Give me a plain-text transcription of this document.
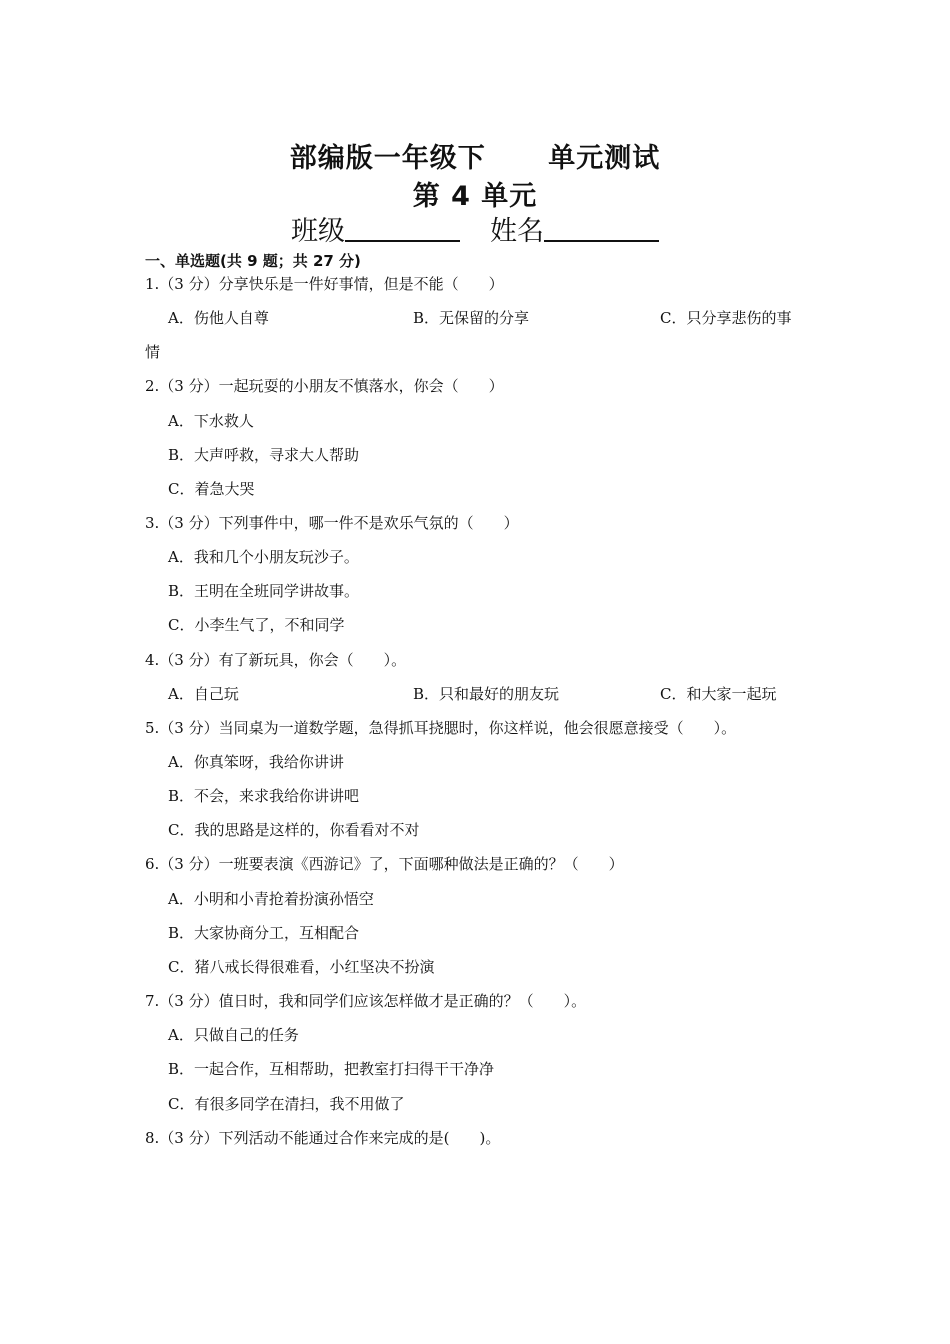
部编版一年级下      单元测试
第 4 单元
班级	姓名
一、单选题(共 9 题；共 27 分)
1.（3 分）分享快乐是一件好事情，但是不能（　　）
A．伤他人自尊	B．无保留的分享	C．只分享悲伤的事
情
2.（3 分）一起玩耍的小朋友不慎落水，你会（　　）
A．下水救人
B．大声呼救，寻求大人帮助
C．着急大哭
3.（3 分）下列事件中，哪一件不是欢乐气氛的（　　）
A．我和几个小朋友玩沙子。
B．王明在全班同学讲故事。
C．小李生气了，不和同学
4.（3 分）有了新玩具，你会（　　）。
A．自己玩	B．只和最好的朋友玩	C．和大家一起玩
5.（3 分）当同桌为一道数学题，急得抓耳挠腮时，你这样说，他会很愿意接受（　　）。
A．你真笨呀，我给你讲讲
B．不会，来求我给你讲讲吧
C．我的思路是这样的，你看看对不对
6.（3 分）一班要表演《西游记》了，下面哪种做法是正确的？（　　）
A．小明和小青抢着扮演孙悟空
B．大家协商分工，互相配合
C．猪八戒长得很难看，小红坚决不扮演
7.（3 分）值日时，我和同学们应该怎样做才是正确的？（　　）。
A．只做自己的任务
B．一起合作，互相帮助，把教室打扫得干干净净
C．有很多同学在清扫，我不用做了
8.（3 分）下列活动不能通过合作来完成的是(　　)。
